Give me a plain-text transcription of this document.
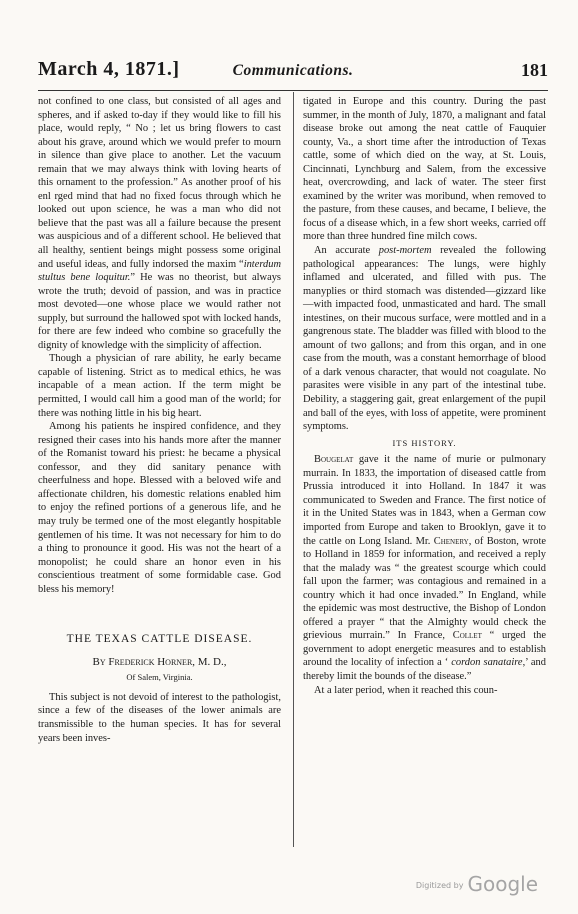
March 4, 1871.]	Communications.	181

not confined to one class, but consisted of all ages and spheres, and if asked to-day if they would like to fill his place, would reply, “ No ; let us bring flowers to cast about his grave, around which we would prefer to mourn in silence than give place to another. Let the vacuum remain that we may always think with loving hearts of this ornament to the profession.” As another proof of his enl rged mind that had no fixed focus through which he looked out upon science, he was a man who did not believe that the past was all a failure because the present was auspicious and of a different school. He believed that all healthy, sentient beings might possess some original and useful ideas, and fully indorsed the maxim “interdum stultus bene loquitur.” He was no theorist, but always wrote the truth; devoid of passion, and was in practice most devoted—one whose place we would rather not supply, but surround the hallowed spot with locked hands, for there are few indeed who combine so gracefully the dignity of knowledge with the simplicity of affection.

Though a physician of rare ability, he early became capable of listening. Strict as to medical ethics, he was incapable of a mean action. If the term might be permitted, I would call him a good man of the world; for there was nothing little in his big heart.

Among his patients he inspired confidence, and they resigned their cases into his hands more after the manner of the Romanist toward his priest: he became a physical confessor, and they did sanitary penance with cheerfulness and hope. Blessed with a beloved wife and affectionate children, his domestic relations enabled him to enjoy the refined portions of a generous life, and he may truly be termed one of the most elegantly hospitable gentlemen of his time. It was not necessary for him to do a thing to pronounce it good. His was not the heart of a monopolist; he could share an honor even in his conscientious treatment of some formidable case. God bless his memory!

THE TEXAS CATTLE DISEASE.

By Frederick Horner, M. D.,

Of Salem, Virginia.

This subject is not devoid of interest to the pathologist, since a few of the diseases of the lower animals are transmissible to the human species. It has for several years been inves-

tigated in Europe and this country. During the past summer, in the month of July, 1870, a malignant and fatal disease broke out among the neat cattle of Fauquier county, Va., a short time after the introduction of Texas cattle, some of which died on the way, at St. Louis, Cincinnati, Lynchburg and Salem, from the excessive heat, overcrowding, and lack of water. The steer first examined by the writer was moribund, when removed to the pasture, from these causes, and became, I believe, the focus of a disease which, in a few short weeks, carried off more than three hundred fine milch cows.

An accurate post-mortem revealed the following pathological appearances: The lungs, were highly inflamed and ulcerated, and filled with pus. The manyplies or third stomach was distended—gizzard like—with impacted food, unmasticated and hard. The small intestines, on their mucous surface, were mottled and in a gangrenous state. The bladder was filled with blood to the amount of two gallons; and from this organ, and in one case from the mouth, was a constant hemorrhage of blood of a dark venous character, that would not coagulate. No parasites were visible in any part of the intestinal tube. Debility, a staggering gait, great enlargement of the pupil and ball of the eyes, with loss of appetite, were prominent symptoms.

ITS HISTORY.

Bougelat gave it the name of murie or pulmonary murrain. In 1833, the importation of diseased cattle from Prussia introduced it into Holland. In 1847 it was communicated to Sweden and France. The first notice of it in the United States was in 1843, when a German cow imported from Europe and taken to Brooklyn, gave it to the cattle on Long Island. Mr. Chenery, of Boston, wrote to Holland in 1859 for information, and received a reply that the malady was “ the greatest scourge which could fall upon the farmer; was contagious and remained in a country which it had once invaded.” In England, while the epidemic was most destructive, the Bishop of London offered a prayer “ that the Almighty would check the grievious murrain.” In France, Collet “ urged the government to adopt energetic measures and to establish around the locality of infection a ‘ cordon sanataire,’ and thereby limit the bounds of the disease.”

At a later period, when it reached this coun-

Digitized by Google
